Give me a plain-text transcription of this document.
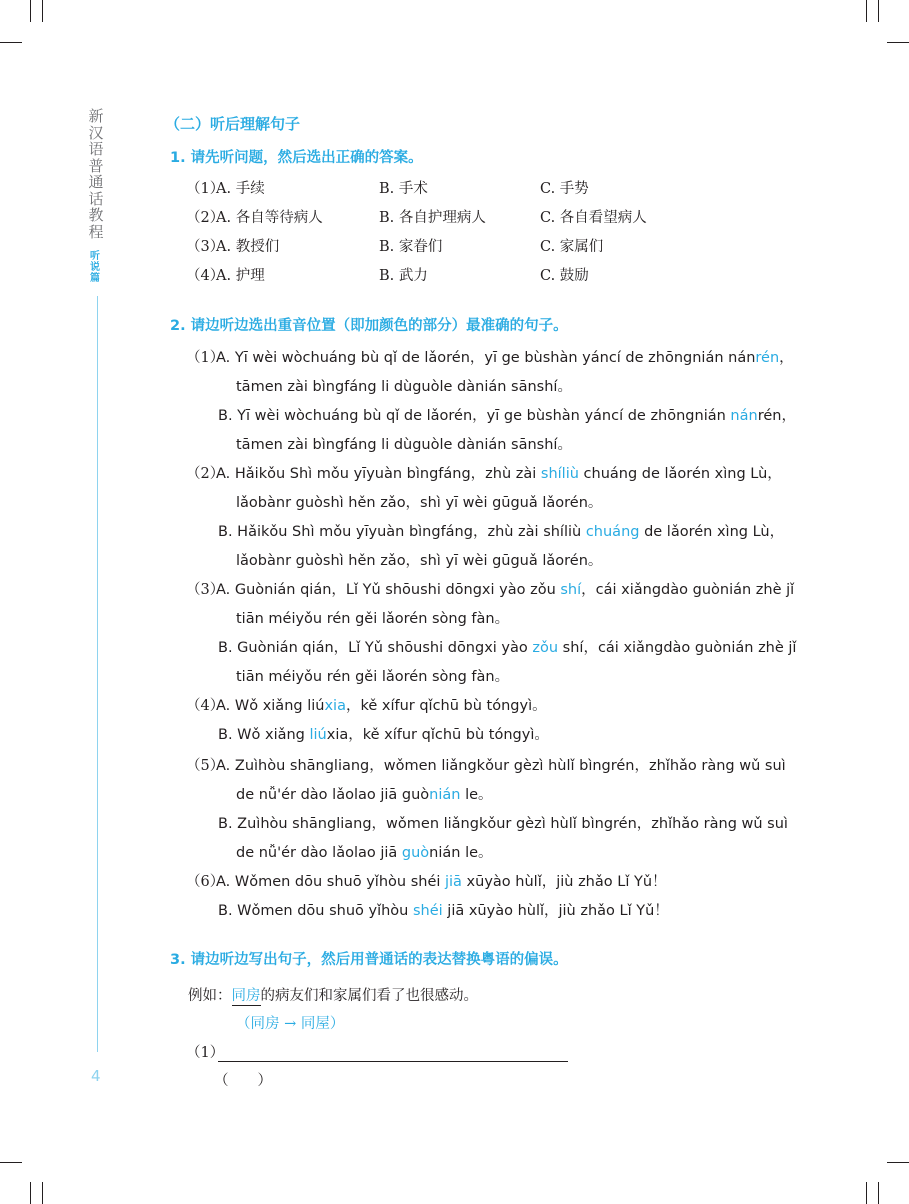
新汉语普通话教程
听说篇
4
（二）听后理解句子
1. 请先听问题，然后选出正确的答案。
（1）
A. 手续	B. 手术	C. 手势
（2）
A. 各自等待病人	B. 各自护理病人	C. 各自看望病人
（3）
A. 教授们	B. 家眷们	C. 家属们
（4）
A. 护理	B. 武力	C. 鼓励
2. 请边听边选出重音位置（即加颜色的部分）最准确的句子。
（1）
A. Yī wèi wòchuáng bù qǐ de lǎorén，yī ge bùshàn yáncí de zhōngnián nánrén，
tāmen zài bìngfáng li dùguòle dànián sānshí。
B. Yī wèi wòchuáng bù qǐ de lǎorén，yī ge bùshàn yáncí de zhōngnián nánrén，
tāmen zài bìngfáng li dùguòle dànián sānshí。
（2）
A. Hǎikǒu Shì mǒu yīyuàn bìngfáng，zhù zài shíliù chuáng de lǎorén xìng Lù，
lǎobànr guòshì hěn zǎo，shì yī wèi gūguǎ lǎorén。
B. Hǎikǒu Shì mǒu yīyuàn bìngfáng，zhù zài shíliù chuáng de lǎorén xìng Lù，
lǎobànr guòshì hěn zǎo，shì yī wèi gūguǎ lǎorén。
（3）
A. Guònián qián，Lǐ Yǔ shōushi dōngxi yào zǒu shí，cái xiǎngdào guònián zhè jǐ
tiān méiyǒu rén gěi lǎorén sòng fàn。
B. Guònián qián，Lǐ Yǔ shōushi dōngxi yào zǒu shí，cái xiǎngdào guònián zhè jǐ
tiān méiyǒu rén gěi lǎorén sòng fàn。
（4）
A. Wǒ xiǎng liúxia，kě xífur qǐchū bù tóngyì。
B. Wǒ xiǎng liúxia，kě xífur qǐchū bù tóngyì。
（5）
A. Zuìhòu shāngliang，wǒmen liǎngkǒur gèzì hùlǐ bìngrén，zhǐhǎo ràng wǔ suì
de nǚ'ér dào lǎolao jiā guònián le。
B. Zuìhòu shāngliang，wǒmen liǎngkǒur gèzì hùlǐ bìngrén，zhǐhǎo ràng wǔ suì
de nǚ'ér dào lǎolao jiā guònián le。
（6）
A. Wǒmen dōu shuō yǐhòu shéi jiā xūyào hùlǐ，jiù zhǎo Lǐ Yǔ！
B. Wǒmen dōu shuō yǐhòu shéi jiā xūyào hùlǐ，jiù zhǎo Lǐ Yǔ！
3. 请边听边写出句子，然后用普通话的表达替换粤语的偏误。
例如：同房的病友们和家属们看了也很感动。
（同房 → 同屋）
（1）
（　　）
